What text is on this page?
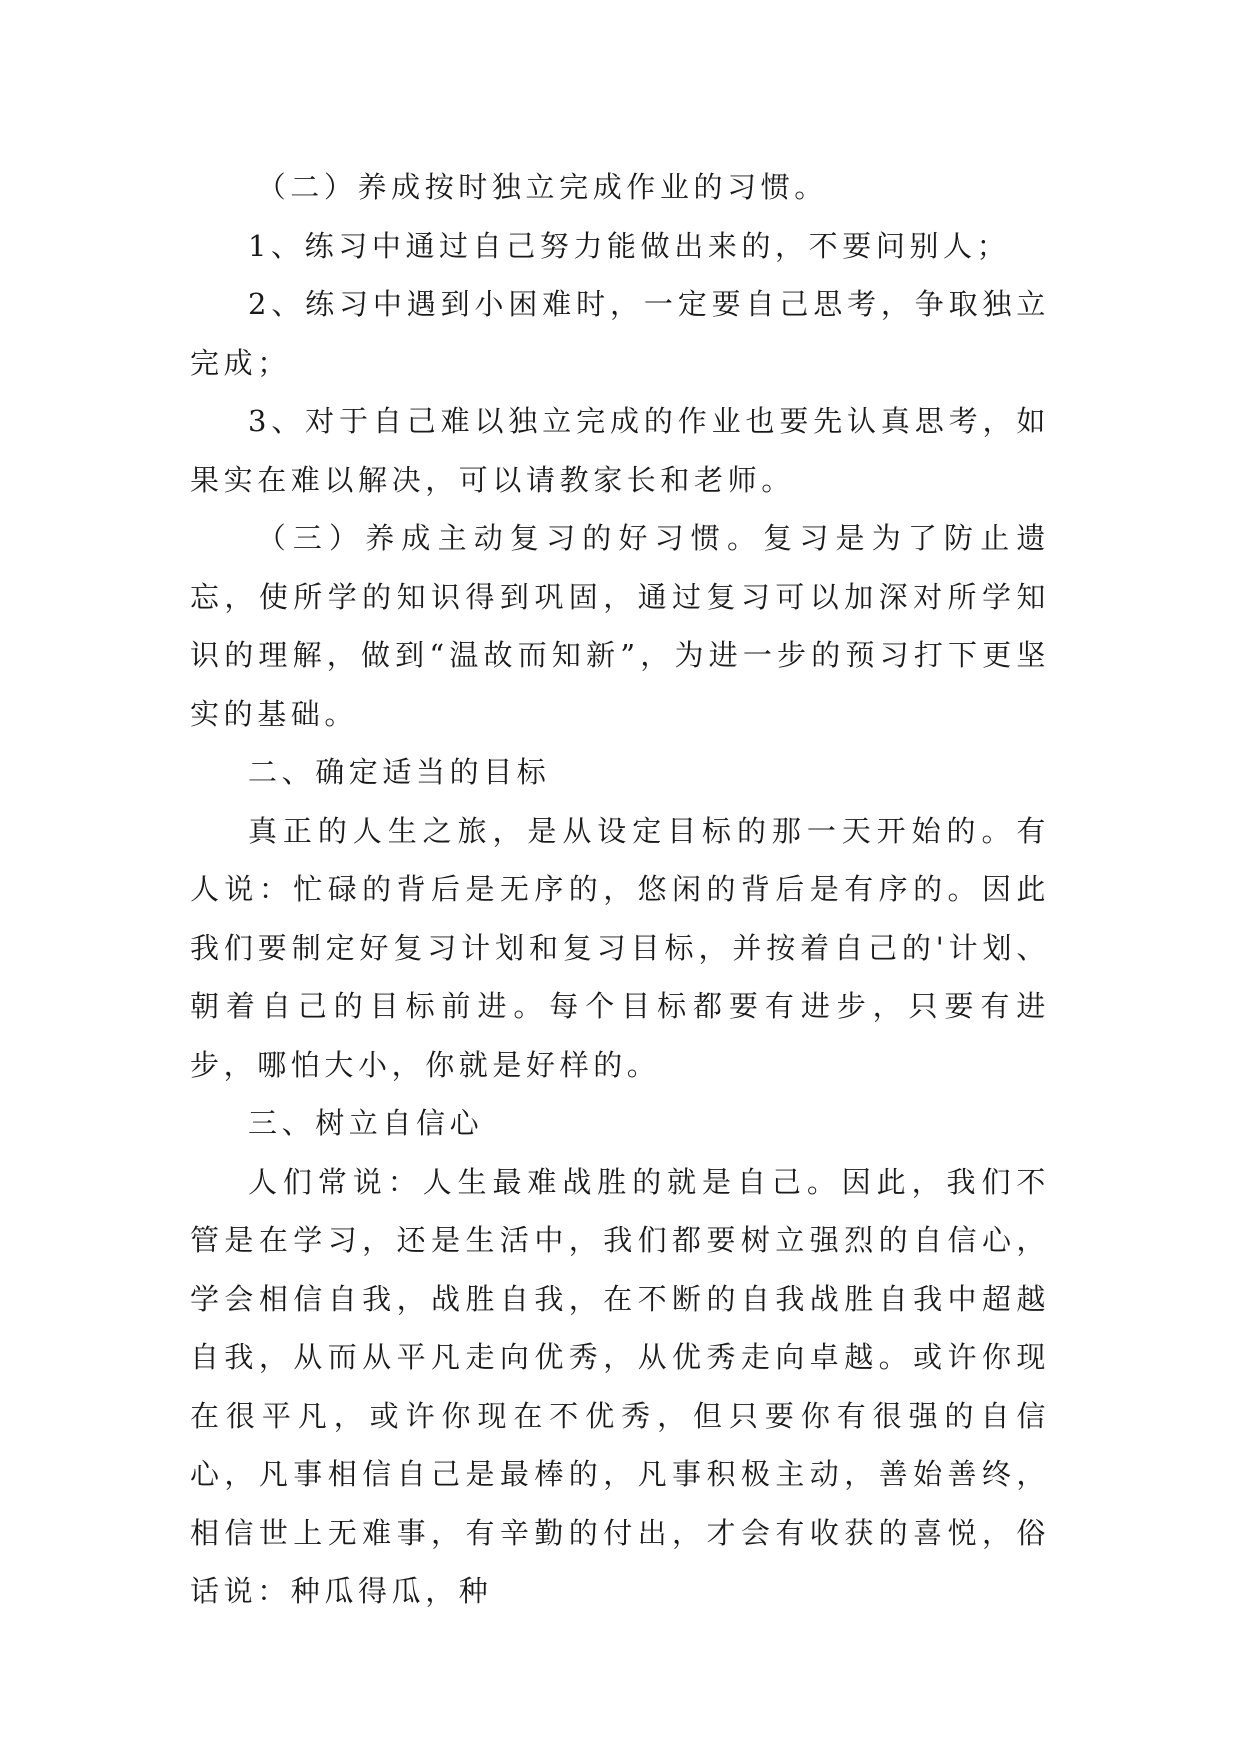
（二）养成按时独立完成作业的习惯。

1、练习中通过自己努力能做出来的，不要问别人；

2、练习中遇到小困难时，一定要自己思考，争取独立完成；

3、对于自己难以独立完成的作业也要先认真思考，如果实在难以解决，可以请教家长和老师。

（三）养成主动复习的好习惯。复习是为了防止遗忘，使所学的知识得到巩固，通过复习可以加深对所学知识的理解，做到“温故而知新”，为进一步的预习打下更坚实的基础。

二、确定适当的目标

真正的人生之旅，是从设定目标的那一天开始的。有人说：忙碌的背后是无序的，悠闲的背后是有序的。因此我们要制定好复习计划和复习目标，并按着自己的'计划、朝着自己的目标前进。每个目标都要有进步，只要有进步，哪怕大小，你就是好样的。

三、树立自信心

人们常说：人生最难战胜的就是自己。因此，我们不管是在学习，还是生活中，我们都要树立强烈的自信心，学会相信自我，战胜自我，在不断的自我战胜自我中超越自我，从而从平凡走向优秀，从优秀走向卓越。或许你现在很平凡，或许你现在不优秀，但只要你有很强的自信心，凡事相信自己是最棒的，凡事积极主动，善始善终，相信世上无难事，有辛勤的付出，才会有收获的喜悦，俗话说：种瓜得瓜，种
